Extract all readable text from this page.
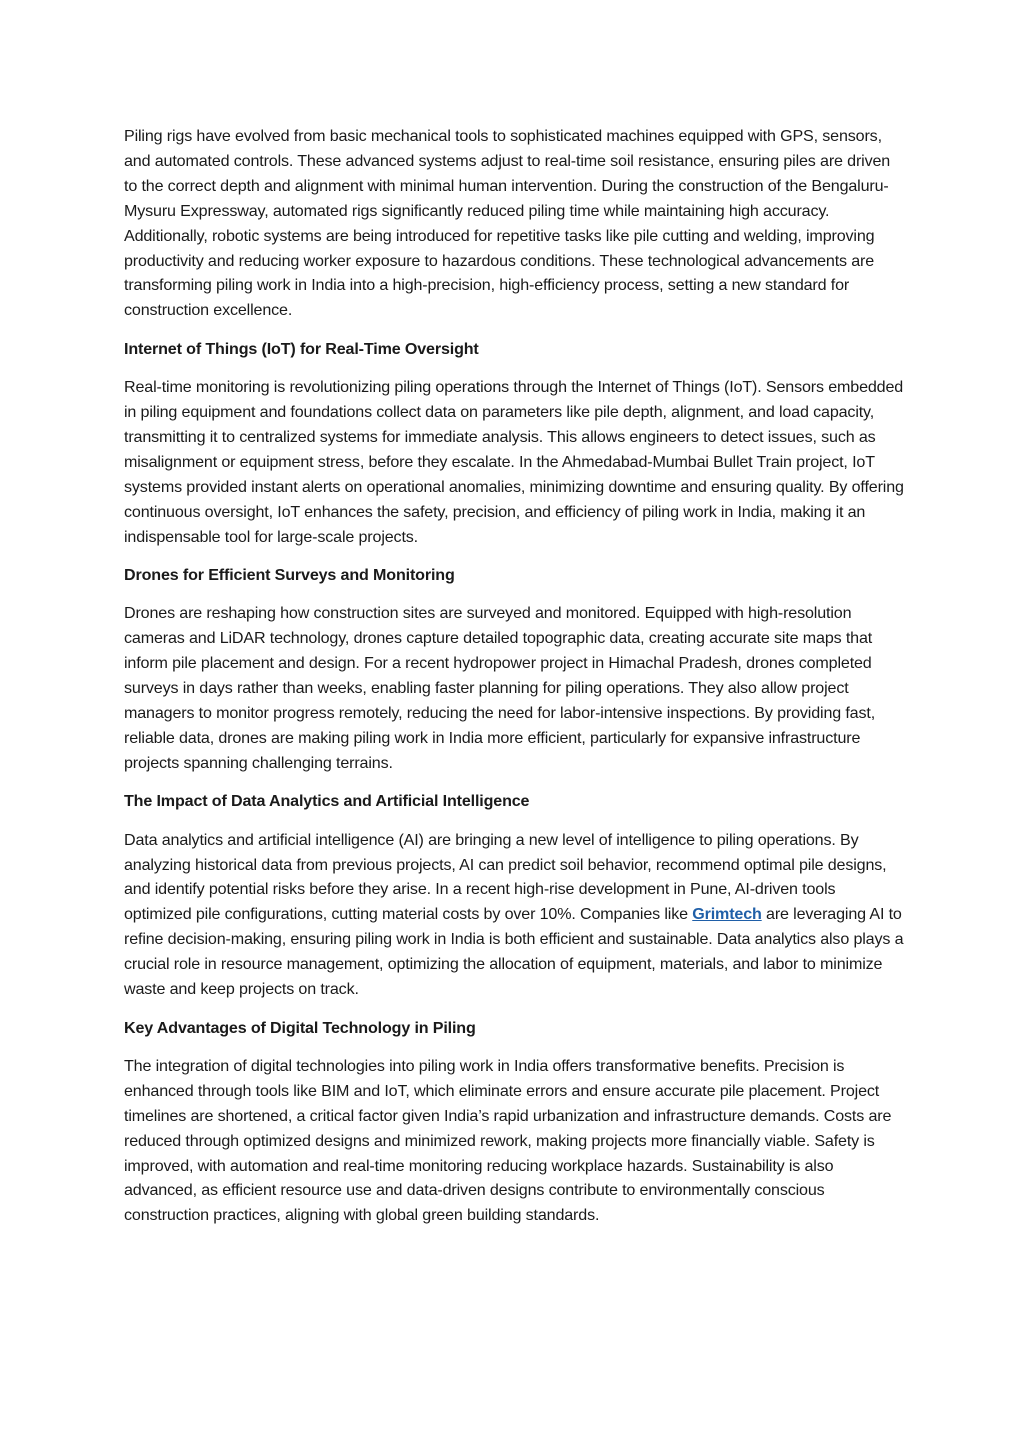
Piling rigs have evolved from basic mechanical tools to sophisticated machines equipped with GPS, sensors, and automated controls. These advanced systems adjust to real-time soil resistance, ensuring piles are driven to the correct depth and alignment with minimal human intervention. During the construction of the Bengaluru-Mysuru Expressway, automated rigs significantly reduced piling time while maintaining high accuracy. Additionally, robotic systems are being introduced for repetitive tasks like pile cutting and welding, improving productivity and reducing worker exposure to hazardous conditions. These technological advancements are transforming piling work in India into a high-precision, high-efficiency process, setting a new standard for construction excellence.

Internet of Things (IoT) for Real-Time Oversight

Real-time monitoring is revolutionizing piling operations through the Internet of Things (IoT). Sensors embedded in piling equipment and foundations collect data on parameters like pile depth, alignment, and load capacity, transmitting it to centralized systems for immediate analysis. This allows engineers to detect issues, such as misalignment or equipment stress, before they escalate. In the Ahmedabad-Mumbai Bullet Train project, IoT systems provided instant alerts on operational anomalies, minimizing downtime and ensuring quality. By offering continuous oversight, IoT enhances the safety, precision, and efficiency of piling work in India, making it an indispensable tool for large-scale projects.

Drones for Efficient Surveys and Monitoring

Drones are reshaping how construction sites are surveyed and monitored. Equipped with high-resolution cameras and LiDAR technology, drones capture detailed topographic data, creating accurate site maps that inform pile placement and design. For a recent hydropower project in Himachal Pradesh, drones completed surveys in days rather than weeks, enabling faster planning for piling operations. They also allow project managers to monitor progress remotely, reducing the need for labor-intensive inspections. By providing fast, reliable data, drones are making piling work in India more efficient, particularly for expansive infrastructure projects spanning challenging terrains.

The Impact of Data Analytics and Artificial Intelligence

Data analytics and artificial intelligence (AI) are bringing a new level of intelligence to piling operations. By analyzing historical data from previous projects, AI can predict soil behavior, recommend optimal pile designs, and identify potential risks before they arise. In a recent high-rise development in Pune, AI-driven tools optimized pile configurations, cutting material costs by over 10%. Companies like Grimtech are leveraging AI to refine decision-making, ensuring piling work in India is both efficient and sustainable. Data analytics also plays a crucial role in resource management, optimizing the allocation of equipment, materials, and labor to minimize waste and keep projects on track.

Key Advantages of Digital Technology in Piling

The integration of digital technologies into piling work in India offers transformative benefits. Precision is enhanced through tools like BIM and IoT, which eliminate errors and ensure accurate pile placement. Project timelines are shortened, a critical factor given India’s rapid urbanization and infrastructure demands. Costs are reduced through optimized designs and minimized rework, making projects more financially viable. Safety is improved, with automation and real-time monitoring reducing workplace hazards. Sustainability is also advanced, as efficient resource use and data-driven designs contribute to environmentally conscious construction practices, aligning with global green building standards.
